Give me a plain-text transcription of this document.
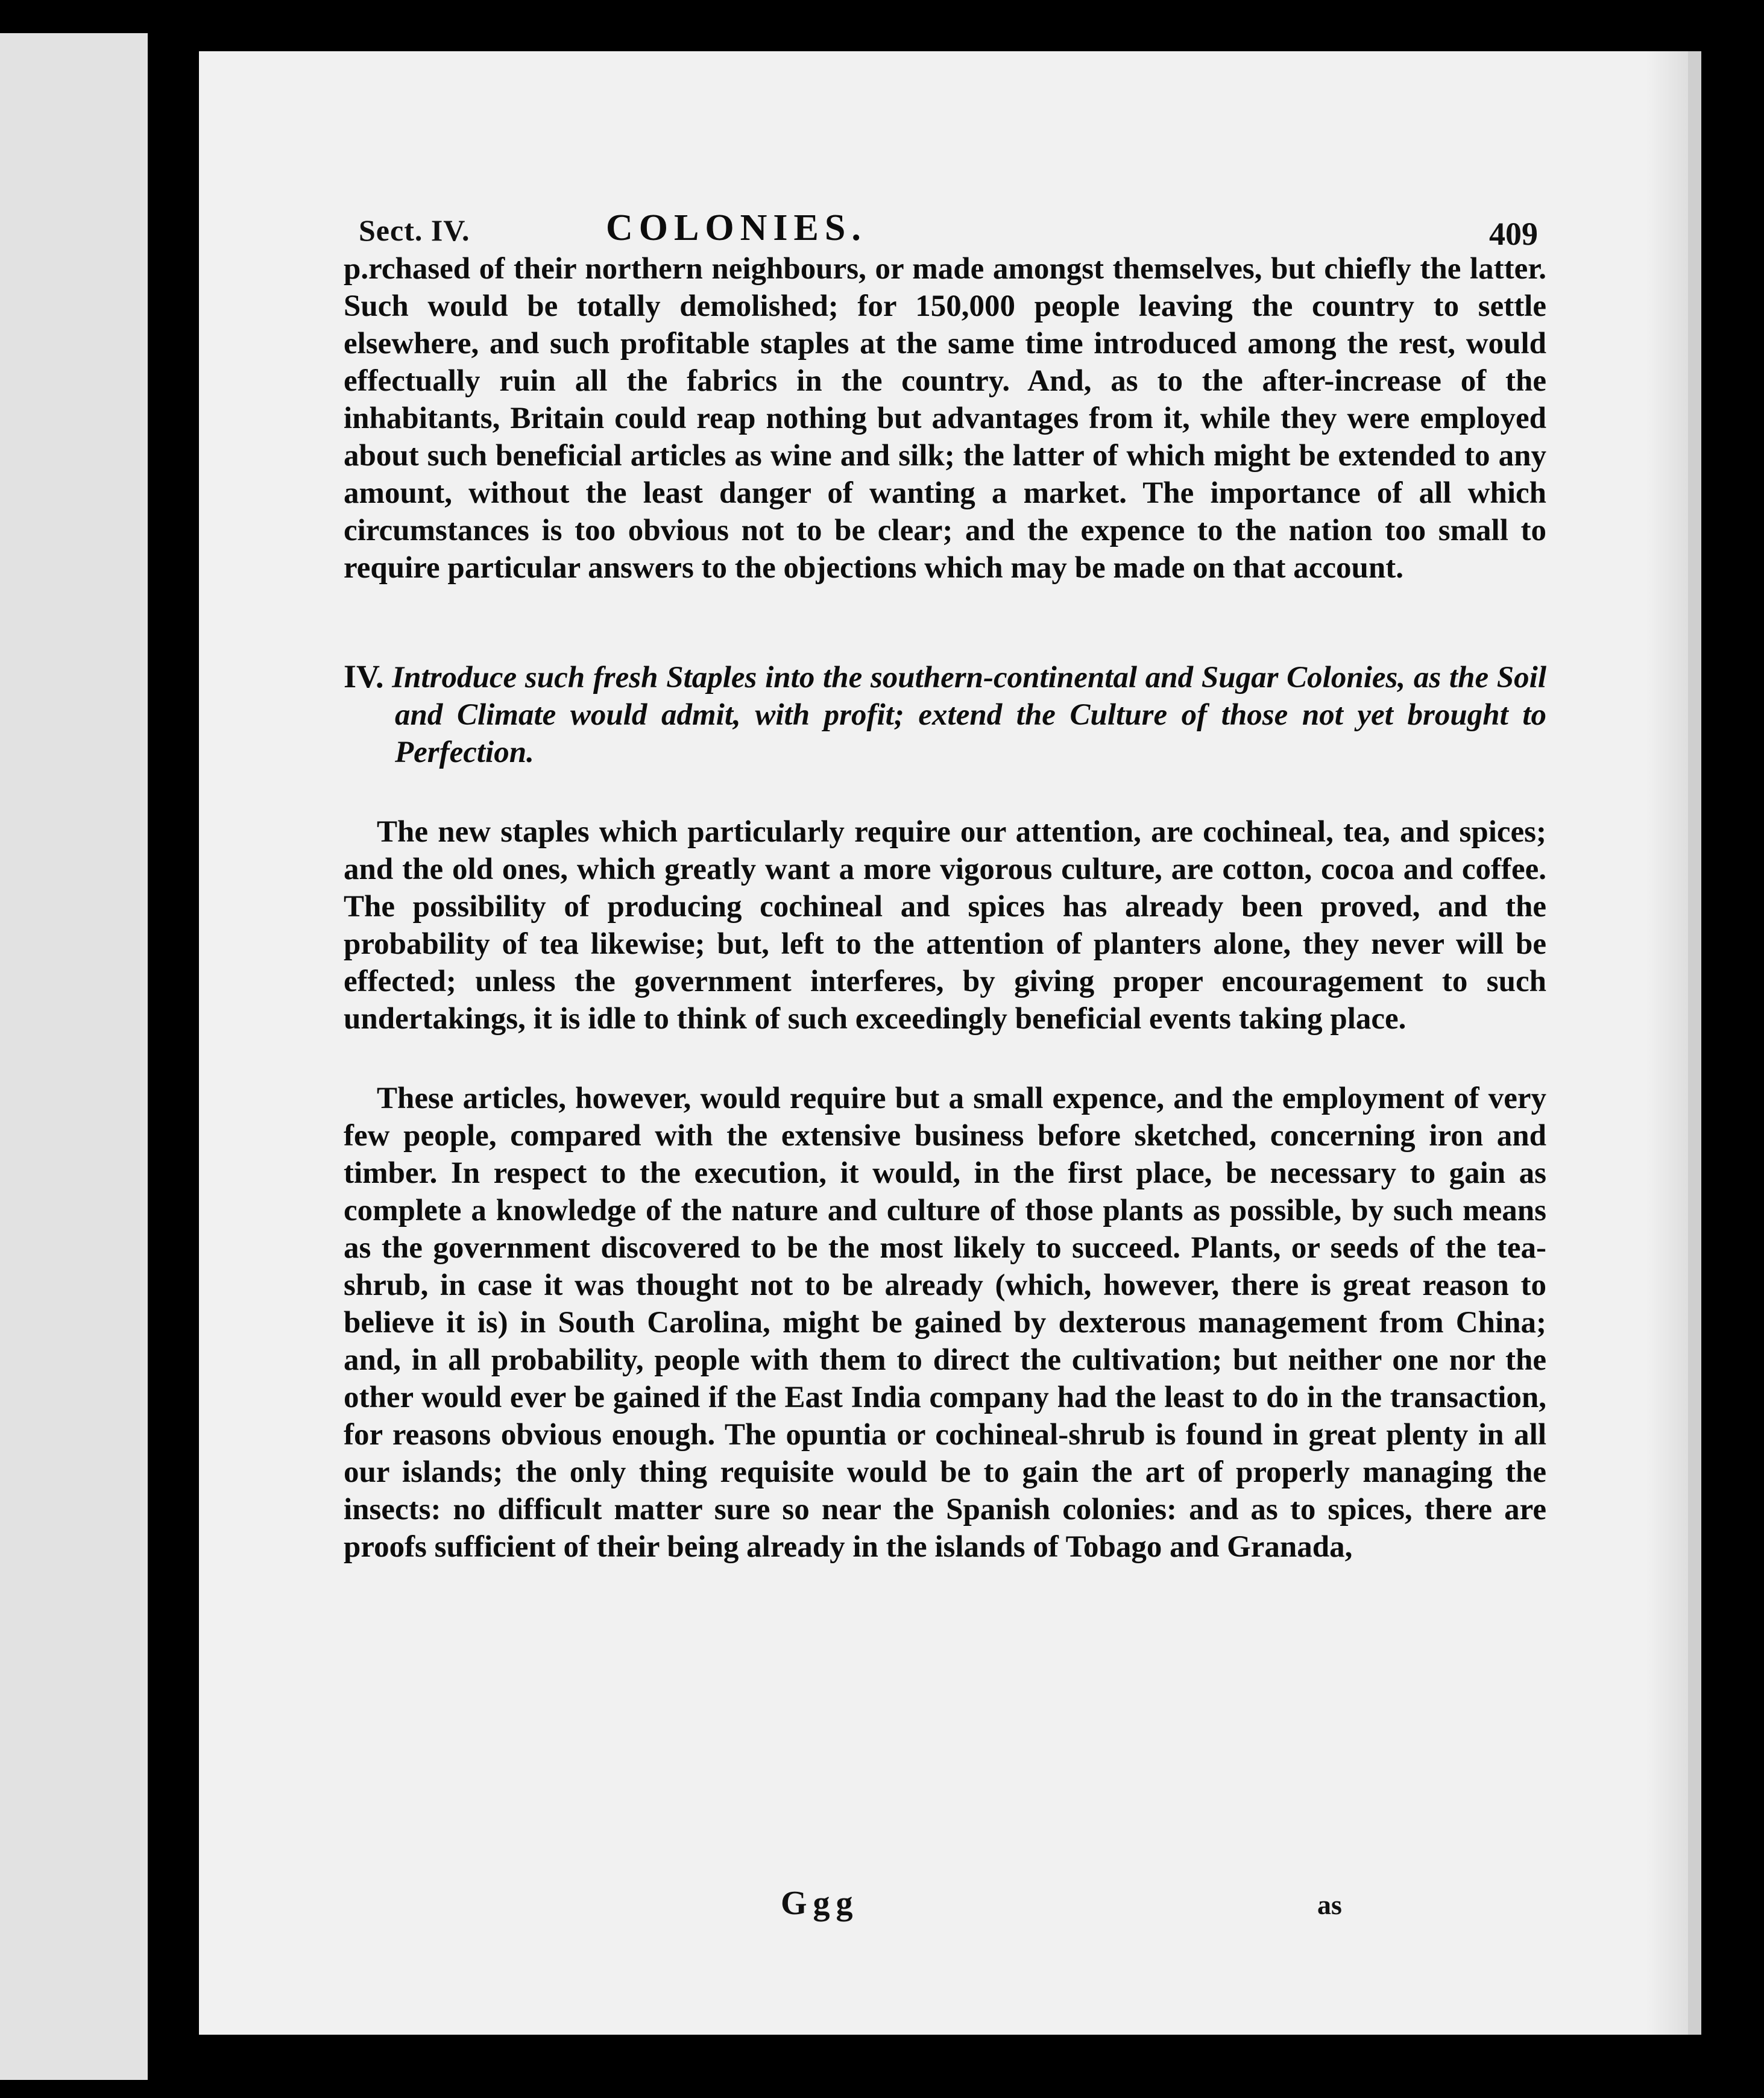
Sect. IV.	COLONIES.	409

p.rchased of their northern neighbours, or made amongst themselves, but chiefly the latter. Such would be totally demolished; for 150,000 people leaving the country to settle elsewhere, and such profitable staples at the same time introduced among the rest, would effectually ruin all the fabrics in the country. And, as to the after-increase of the inhabitants, Britain could reap nothing but advantages from it, while they were employed about such beneficial articles as wine and silk; the latter of which might be extended to any amount, without the least danger of wanting a market. The importance of all which circumstances is too obvious not to be clear; and the expence to the nation too small to require particular answers to the objections which may be made on that account.

IV. Introduce such fresh Staples into the southern-continental and Sugar Colonies, as the Soil and Climate would admit, with profit; extend the Culture of those not yet brought to Perfection.

The new staples which particularly require our attention, are cochineal, tea, and spices; and the old ones, which greatly want a more vigorous culture, are cotton, cocoa and coffee. The possibility of producing cochineal and spices has already been proved, and the probability of tea likewise; but, left to the attention of planters alone, they never will be effected; unless the government interferes, by giving proper encouragement to such undertakings, it is idle to think of such exceedingly beneficial events taking place.

These articles, however, would require but a small expence, and the employment of very few people, compared with the extensive business before sketched, concerning iron and timber. In respect to the execution, it would, in the first place, be necessary to gain as complete a knowledge of the nature and culture of those plants as possible, by such means as the government discovered to be the most likely to succeed. Plants, or seeds of the tea-shrub, in case it was thought not to be already (which, however, there is great reason to believe it is) in South Carolina, might be gained by dexterous management from China; and, in all probability, people with them to direct the cultivation; but neither one nor the other would ever be gained if the East India company had the least to do in the transaction, for reasons obvious enough. The opuntia or cochineal-shrub is found in great plenty in all our islands; the only thing requisite would be to gain the art of properly managing the insects: no difficult matter sure so near the Spanish colonies: and as to spices, there are proofs sufficient of their being already in the islands of Tobago and Granada,

Ggg	as
